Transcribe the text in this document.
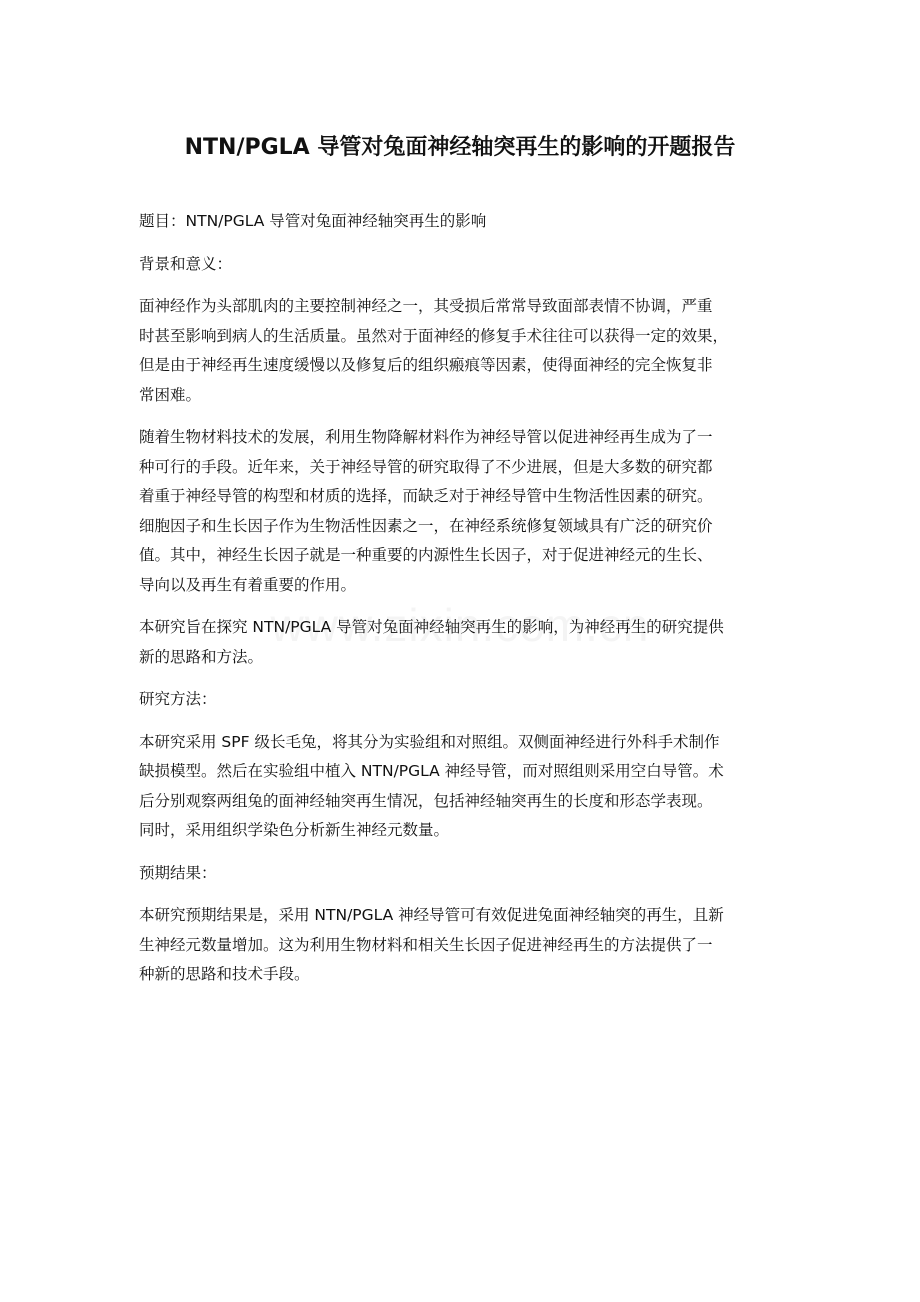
NTN/PGLA 导管对兔面神经轴突再生的影响的开题报告

题目：NTN/PGLA 导管对兔面神经轴突再生的影响

背景和意义：

面神经作为头部肌肉的主要控制神经之一，其受损后常常导致面部表情不协调，严重
时甚至影响到病人的生活质量。虽然对于面神经的修复手术往往可以获得一定的效果，
但是由于神经再生速度缓慢以及修复后的组织瘢痕等因素，使得面神经的完全恢复非
常困难。

随着生物材料技术的发展，利用生物降解材料作为神经导管以促进神经再生成为了一
种可行的手段。近年来，关于神经导管的研究取得了不少进展，但是大多数的研究都
着重于神经导管的构型和材质的选择，而缺乏对于神经导管中生物活性因素的研究。
细胞因子和生长因子作为生物活性因素之一，在神经系统修复领域具有广泛的研究价
值。其中，神经生长因子就是一种重要的内源性生长因子，对于促进神经元的生长、
导向以及再生有着重要的作用。

本研究旨在探究 NTN/PGLA 导管对兔面神经轴突再生的影响，为神经再生的研究提供
新的思路和方法。

研究方法：

本研究采用 SPF 级长毛兔，将其分为实验组和对照组。双侧面神经进行外科手术制作
缺损模型。然后在实验组中植入 NTN/PGLA 神经导管，而对照组则采用空白导管。术
后分别观察两组兔的面神经轴突再生情况，包括神经轴突再生的长度和形态学表现。
同时，采用组织学染色分析新生神经元数量。

预期结果：

本研究预期结果是，采用 NTN/PGLA 神经导管可有效促进兔面神经轴突的再生，且新
生神经元数量增加。这为利用生物材料和相关生长因子促进神经再生的方法提供了一
种新的思路和技术手段。
